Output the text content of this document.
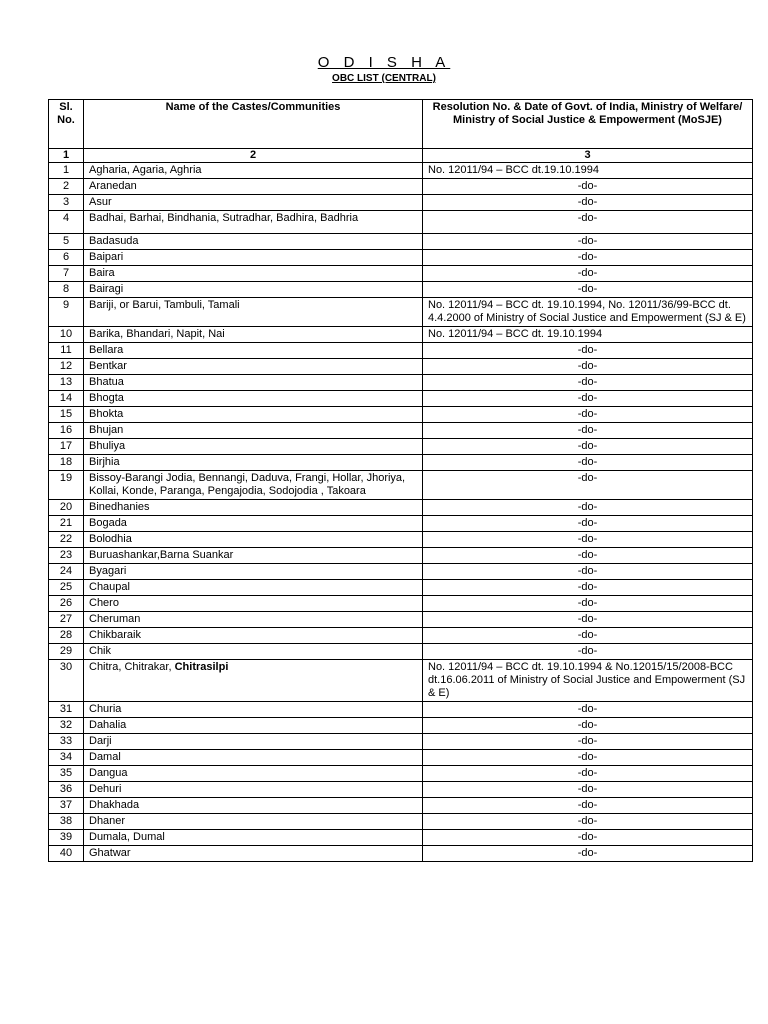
O D I S H A
OBC LIST (CENTRAL)
Sl. No.	Name of the Castes/Communities	Resolution No. & Date of Govt. of India, Ministry of Welfare/ Ministry of Social Justice & Empowerment (MoSJE)
1	2	3
1	Agharia, Agaria, Aghria	No. 12011/94 – BCC dt.19.10.1994
2	Aranedan	-do-
3	Asur	-do-
4	Badhai, Barhai, Bindhania, Sutradhar, Badhira, Badhria	-do-
5	Badasuda	-do-
6	Baipari	-do-
7	Baira	-do-
8	Bairagi	-do-
9	Bariji, or Barui, Tambuli, Tamali	No. 12011/94 – BCC dt. 19.10.1994, No. 12011/36/99-BCC dt. 4.4.2000 of Ministry of Social Justice and Empowerment (SJ & E)
10	Barika, Bhandari, Napit, Nai	No. 12011/94 – BCC dt. 19.10.1994
11	Bellara	-do-
12	Bentkar	-do-
13	Bhatua	-do-
14	Bhogta	-do-
15	Bhokta	-do-
16	Bhujan	-do-
17	Bhuliya	-do-
18	Birjhia	-do-
19	Bissoy-Barangi Jodia, Bennangi, Daduva, Frangi, Hollar, Jhoriya, Kollai, Konde, Paranga, Pengajodia, Sodojodia , Takoara	-do-
20	Binedhanies	-do-
21	Bogada	-do-
22	Bolodhia	-do-
23	Buruashankar,Barna Suankar	-do-
24	Byagari	-do-
25	Chaupal	-do-
26	Chero	-do-
27	Cheruman	-do-
28	Chikbaraik	-do-
29	Chik	-do-
30	Chitra, Chitrakar, Chitrasilpi	No. 12011/94 – BCC dt. 19.10.1994 & No.12015/15/2008-BCC dt.16.06.2011 of Ministry of Social Justice and Empowerment (SJ & E)
31	Churia	-do-
32	Dahalia	-do-
33	Darji	-do-
34	Damal	-do-
35	Dangua	-do-
36	Dehuri	-do-
37	Dhakhada	-do-
38	Dhaner	-do-
39	Dumala, Dumal	-do-
40	Ghatwar	-do-
